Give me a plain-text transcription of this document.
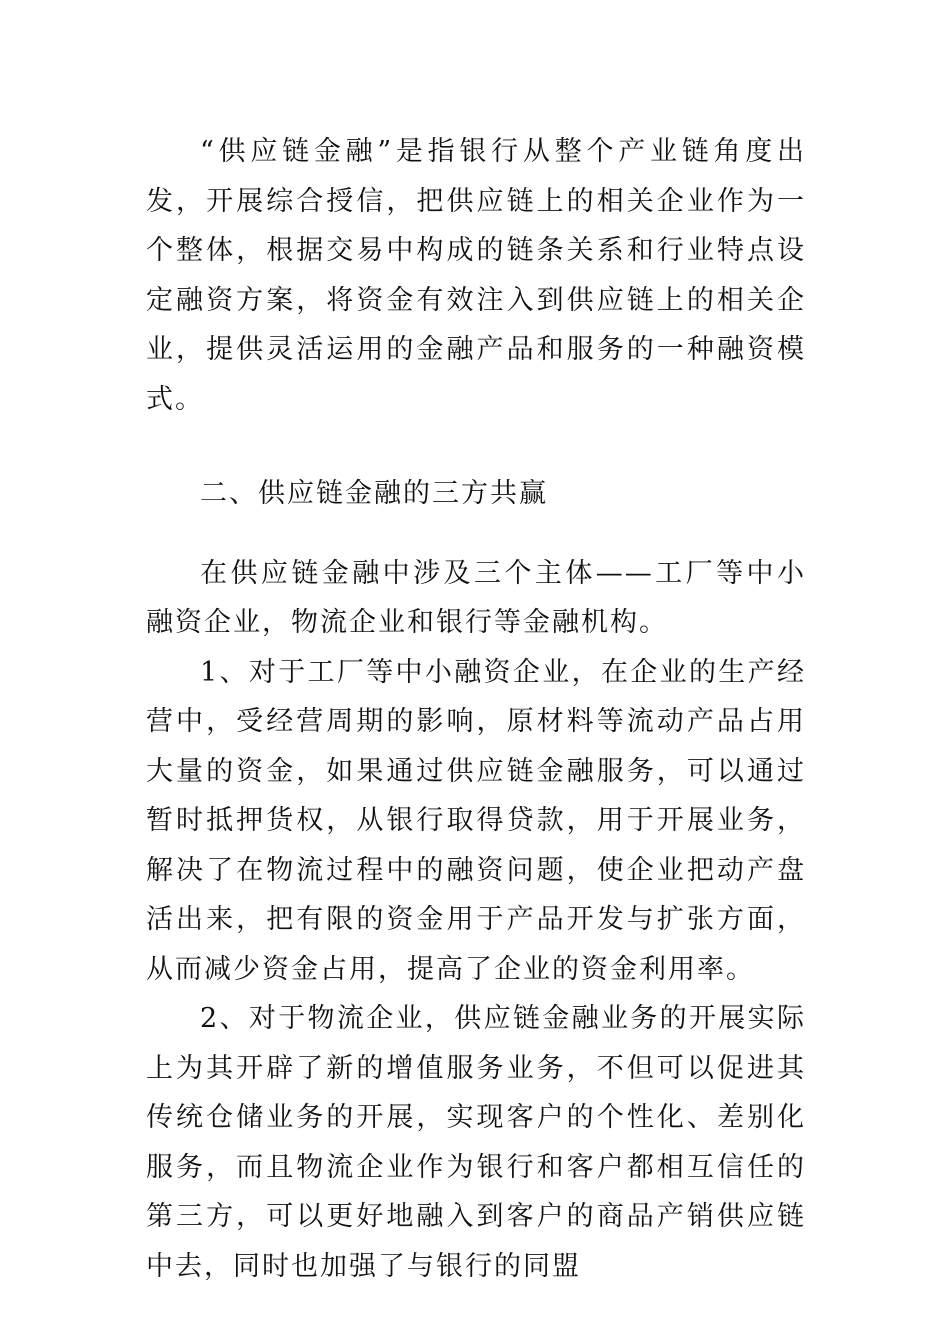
“供应链金融”是指银行从整个产业链角度出发，开展综合授信，把供应链上的相关企业作为一个整体，根据交易中构成的链条关系和行业特点设定融资方案，将资金有效注入到供应链上的相关企业，提供灵活运用的金融产品和服务的一种融资模式。

二、供应链金融的三方共赢

在供应链金融中涉及三个主体——工厂等中小融资企业，物流企业和银行等金融机构。

1、对于工厂等中小融资企业，在企业的生产经营中，受经营周期的影响，原材料等流动产品占用大量的资金，如果通过供应链金融服务，可以通过暂时抵押货权，从银行取得贷款，用于开展业务，解决了在物流过程中的融资问题，使企业把动产盘活出来，把有限的资金用于产品开发与扩张方面，从而减少资金占用，提高了企业的资金利用率。

2、对于物流企业，供应链金融业务的开展实际上为其开辟了新的增值服务业务，不但可以促进其传统仓储业务的开展，实现客户的个性化、差别化服务，而且物流企业作为银行和客户都相互信任的第三方，可以更好地融入到客户的商品产销供应链中去，同时也加强了与银行的同盟
